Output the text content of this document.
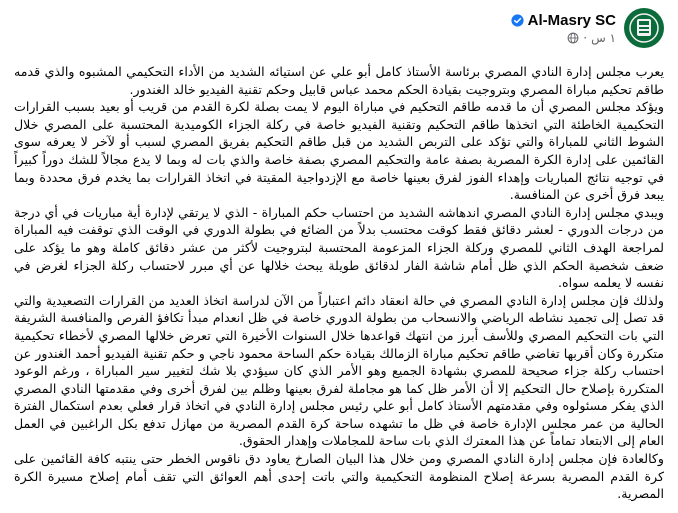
Al-Masry SC
١ س
·

يعرب مجلس إدارة النادي المصري برئاسة الأستاذ كامل أبو علي عن استيائه الشديد من الأداء التحكيمي المشبوه والذي قدمه طاقم تحكيم مباراة المصري وبتروجيت بقيادة الحكم محمد عباس قابيل وحكم تقنية الفيديو خالد الغندور.

ويؤكد مجلس المصري أن ما قدمه طاقم التحكيم في مباراة اليوم لا يمت بصلة لكرة القدم من قريب أو بعيد بسبب القرارات التحكيمية الخاطئة التي اتخذها طاقم التحكيم وتقنية الفيديو خاصة في ركلة الجزاء الكوميدية المحتسبة على المصري خلال الشوط الثاني للمباراة والتي تؤكد على التربص الشديد من قبل طاقم التحكيم بفريق المصري لسبب أو لآخر لا يعرفه سوى القائمين على إدارة الكرة المصرية بصفة عامة والتحكيم المصري بصفة خاصة والذي بات له وبما لا يدع مجالاً للشك دوراً كبيراً في توجيه نتائج المباريات وإهداء الفوز لفرق بعينها خاصة مع الإزدواجية المقيتة في اتخاذ القرارات بما يخدم فرق محددة وبما يبعد فرق أخرى عن المنافسة.

ويبدي مجلس إدارة النادي المصري اندهاشه الشديد من احتساب حكم المباراة - الذي لا يرتقي لإدارة أية مباريات في أي درجة من درجات الدوري - لعشر دقائق فقط كوقت محتسب بدلاً من الضائع في بطولة الدوري في الوقت الذي توقفت فيه المباراة لمراجعة الهدف الثاني للمصري وركلة الجزاء المزعومة المحتسبة لبتروجيت لأكثر من عشر دقائق كاملة وهو ما يؤكد على ضعف شخصية الحكم الذي ظل أمام شاشة الفار لدقائق طويلة يبحث خلالها عن أي مبرر لاحتساب ركلة الجزاء لغرض في نفسه لا يعلمه سواه.

ولذلك فإن مجلس إدارة النادي المصري في حالة انعقاد دائم اعتباراً من الآن لدراسة اتخاذ العديد من القرارات التصعيدية والتي قد تصل إلى تجميد نشاطه الرياضي والانسحاب من بطولة الدوري خاصة في ظل انعدام مبدأ تكافؤ الفرص والمنافسة الشريفة التي بات التحكيم المصري وللأسف أبرز من انتهك قواعدها خلال السنوات الأخيرة التي تعرض خلالها المصري لأخطاء تحكيمية متكررة وكان أقربها تغاضي طاقم تحكيم مباراة الزمالك بقيادة حكم الساحة محمود ناجي و حكم تقنية الفيديو أحمد الغندور عن احتساب ركلة جزاء صحيحة للمصري بشهادة الجميع وهو الأمر الذي كان سيؤدي بلا شك لتغيير سير المباراة ، ورغم الوعود المتكررة بإصلاح حال التحكيم إلا أن الأمر ظل كما هو مجاملة لفرق بعينها وظلم بين لفرق أخرى وفي مقدمتها النادي المصري الذي يفكر مسئولوه وفي مقدمتهم الأستاذ كامل أبو علي رئيس مجلس إدارة النادي في اتخاذ قرار فعلي بعدم استكمال الفترة الحالية من عمر مجلس الإدارة خاصة في ظل ما تشهده ساحة كرة القدم المصرية من مهازل تدفع بكل الراغبين في العمل العام إلى الابتعاد تماماً عن هذا المعترك الذي بات ساحة للمجاملات وإهدار الحقوق.

وكالعادة فإن مجلس إدارة النادي المصري ومن خلال هذا البيان الصارخ يعاود دق ناقوس الخطر حتى ينتبه كافة القائمين على كرة القدم المصرية بسرعة إصلاح المنظومة التحكيمية والتي باتت إحدى أهم العوائق التي تقف أمام إصلاح مسيرة الكرة المصرية.
